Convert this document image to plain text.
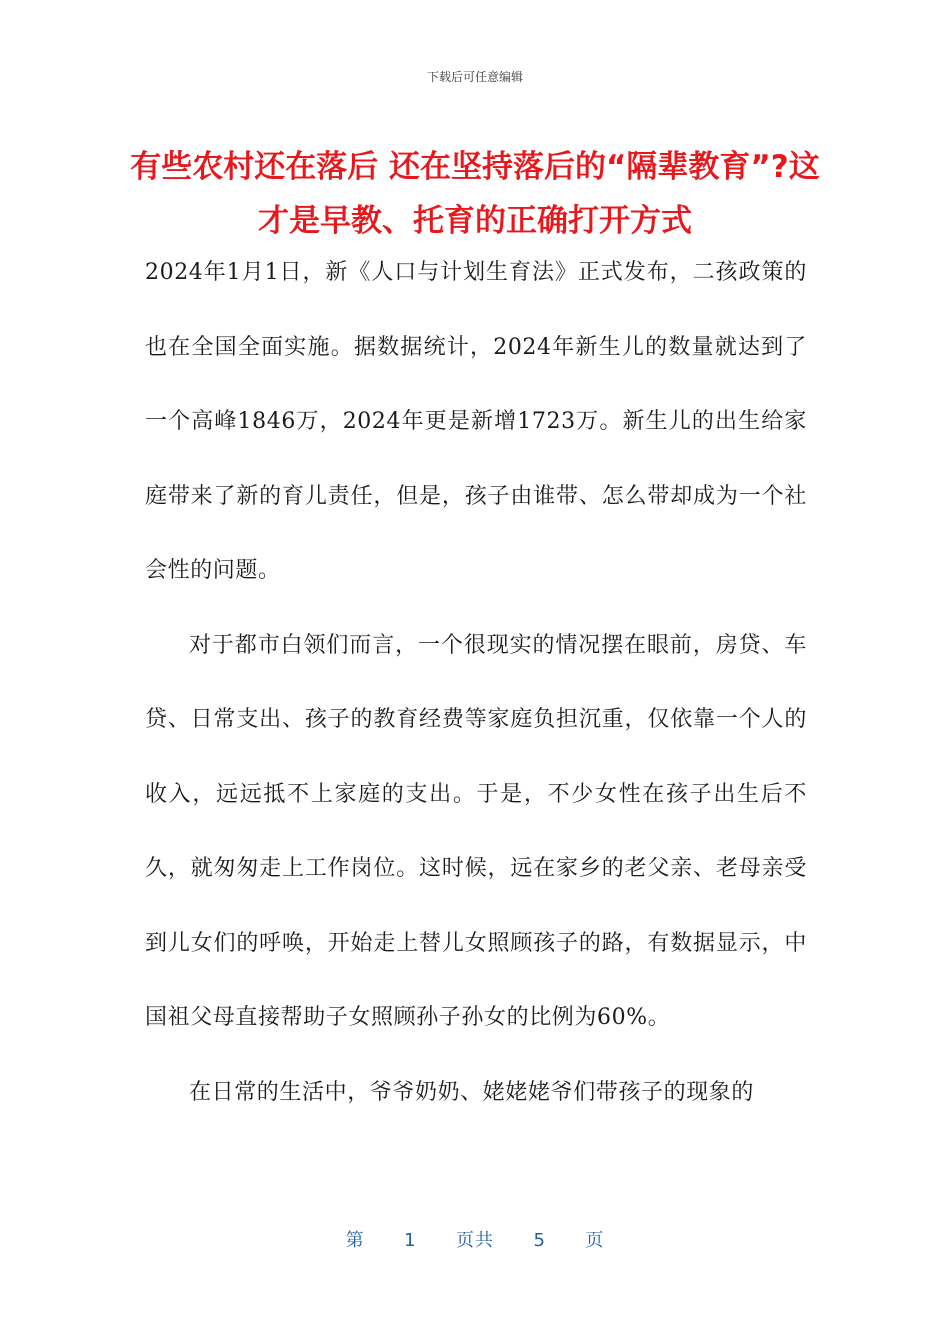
下载后可任意编辑
有些农村还在落后 还在坚持落后的“隔辈教育”?这才是早教、托育的正确打开方式

2024年1月1日，新《人口与计划生育法》正式发布，二孩政策的也在全国全面实施。据数据统计，2024年新生儿的数量就达到了一个高峰1846万，2024年更是新增1723万。新生儿的出生给家庭带来了新的育儿责任，但是，孩子由谁带、怎么带却成为一个社会性的问题。

对于都市白领们而言，一个很现实的情况摆在眼前，房贷、车贷、日常支出、孩子的教育经费等家庭负担沉重，仅依靠一个人的收入，远远抵不上家庭的支出。于是，不少女性在孩子出生后不久，就匆匆走上工作岗位。这时候，远在家乡的老父亲、老母亲受到儿女们的呼唤，开始走上替儿女照顾孩子的路，有数据显示，中国祖父母直接帮助子女照顾孙子孙女的比例为60%。

在日常的生活中，爷爷奶奶、姥姥姥爷们带孩子的现象的

第 1 页共 5 页
